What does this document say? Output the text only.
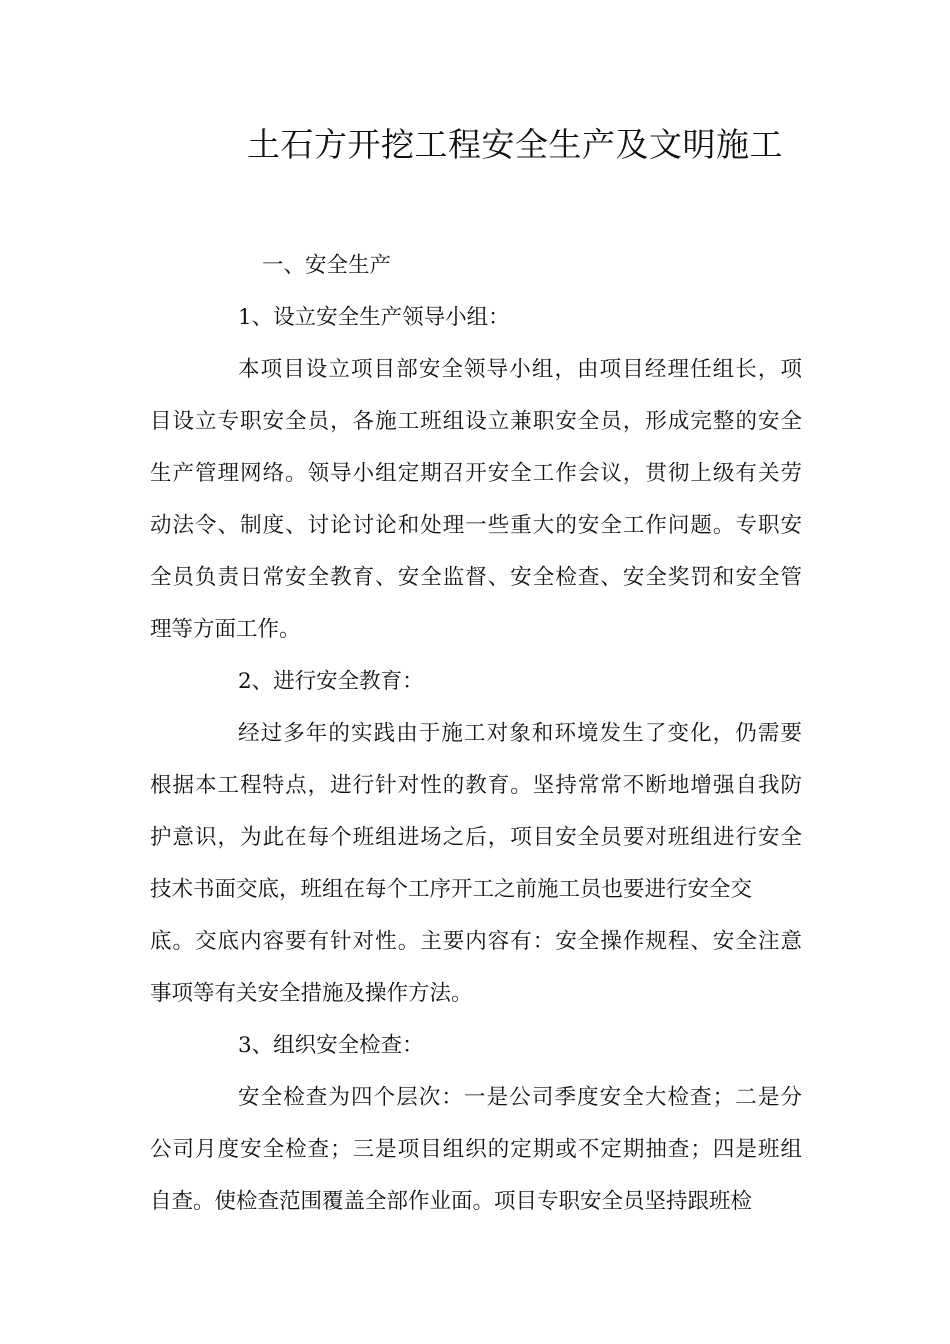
土石方开挖工程安全生产及文明施工

一、安全生产

1、设立安全生产领导小组：

本项目设立项目部安全领导小组，由项目经理任组长，项
目设立专职安全员，各施工班组设立兼职安全员，形成完整的安全
生产管理网络。领导小组定期召开安全工作会议，贯彻上级有关劳
动法令、制度、讨论讨论和处理一些重大的安全工作问题。专职安
全员负责日常安全教育、安全监督、安全检查、安全奖罚和安全管
理等方面工作。

2、进行安全教育：

经过多年的实践由于施工对象和环境发生了变化，仍需要
根据本工程特点，进行针对性的教育。坚持常常不断地增强自我防
护意识，为此在每个班组进场之后，项目安全员要对班组进行安全
技术书面交底，班组在每个工序开工之前施工员也要进行安全交
底。交底内容要有针对性。主要内容有：安全操作规程、安全注意
事项等有关安全措施及操作方法。

3、组织安全检查：

安全检查为四个层次：一是公司季度安全大检查；二是分
公司月度安全检查；三是项目组织的定期或不定期抽查；四是班组
自查。使检查范围覆盖全部作业面。项目专职安全员坚持跟班检
